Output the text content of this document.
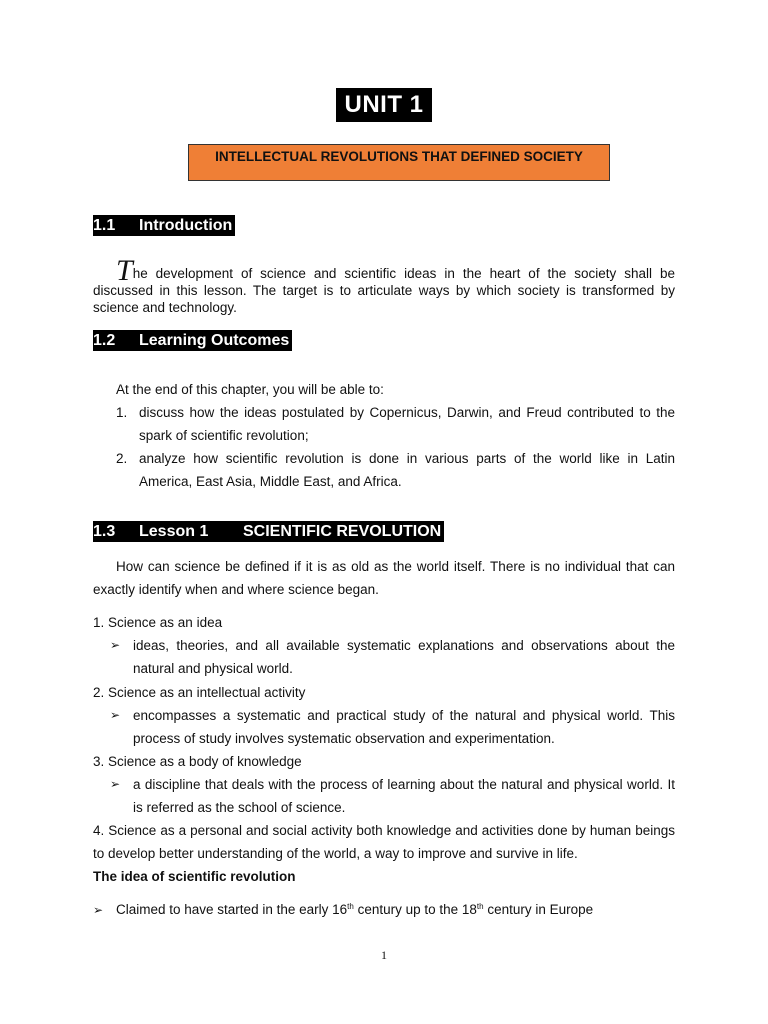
UNIT 1
INTELLECTUAL REVOLUTIONS THAT DEFINED SOCIETY
1.1 Introduction
The development of science and scientific ideas in the heart of the society shall be discussed in this lesson. The target is to articulate ways by which society is transformed by science and technology.
1.2 Learning Outcomes
At the end of this chapter, you will be able to:
1. discuss how the ideas postulated by Copernicus, Darwin, and Freud contributed to the spark of scientific revolution;
2. analyze how scientific revolution is done in various parts of the world like in Latin America, East Asia, Middle East, and Africa.
1.3 Lesson 1 SCIENTIFIC REVOLUTION
How can science be defined if it is as old as the world itself. There is no individual that can exactly identify when and where science began.
1. Science as an idea
➢ ideas, theories, and all available systematic explanations and observations about the natural and physical world.
2. Science as an intellectual activity
➢ encompasses a systematic and practical study of the natural and physical world. This process of study involves systematic observation and experimentation.
3. Science as a body of knowledge
➢ a discipline that deals with the process of learning about the natural and physical world. It is referred as the school of science.
4. Science as a personal and social activity both knowledge and activities done by human beings to develop better understanding of the world, a way to improve and survive in life.
The idea of scientific revolution
➢ Claimed to have started in the early 16th century up to the 18th century in Europe
1
